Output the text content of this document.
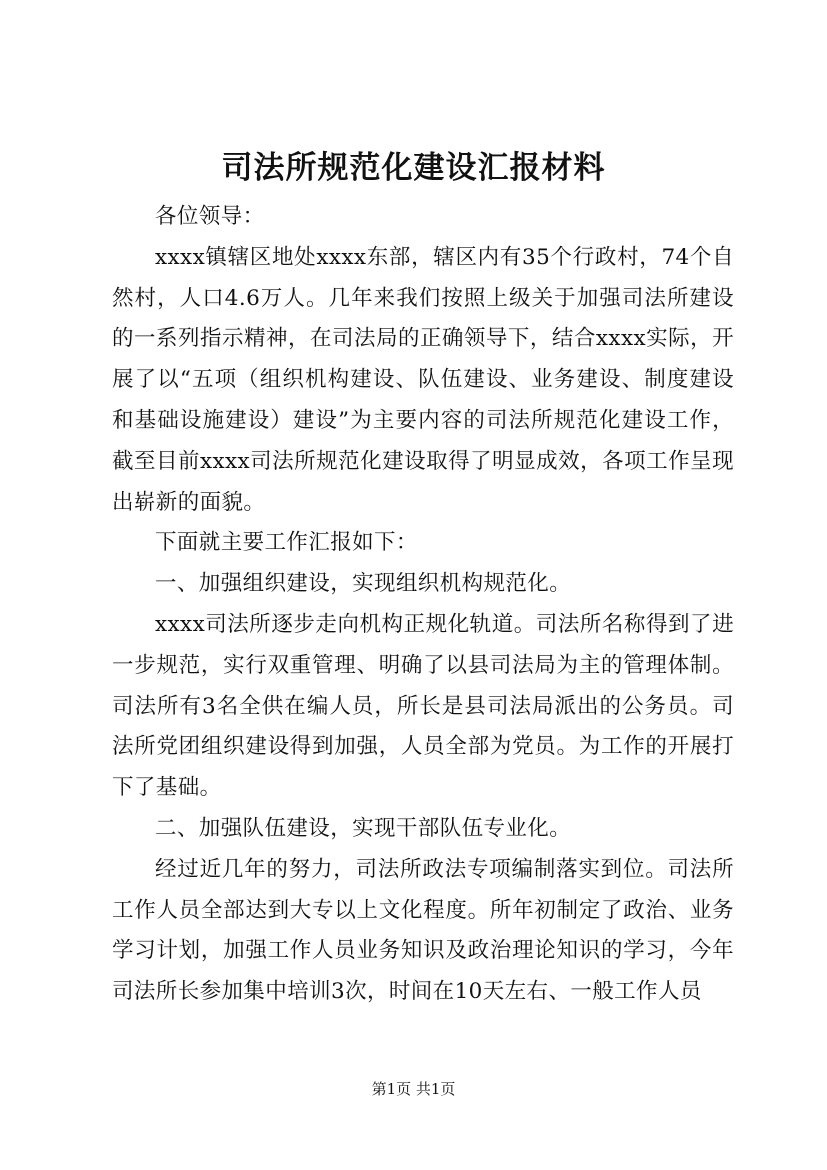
司法所规范化建设汇报材料

各位领导：

xxxx镇辖区地处xxxx东部，辖区内有35个行政村，74个自然村，人口4.6万人。几年来我们按照上级关于加强司法所建设的一系列指示精神，在司法局的正确领导下，结合xxxx实际，开展了以“五项（组织机构建设、队伍建设、业务建设、制度建设和基础设施建设）建设”为主要内容的司法所规范化建设工作，截至目前xxxx司法所规范化建设取得了明显成效，各项工作呈现出崭新的面貌。

下面就主要工作汇报如下：

一、加强组织建设，实现组织机构规范化。

xxxx司法所逐步走向机构正规化轨道。司法所名称得到了进一步规范，实行双重管理、明确了以县司法局为主的管理体制。司法所有3名全供在编人员，所长是县司法局派出的公务员。司法所党团组织建设得到加强，人员全部为党员。为工作的开展打下了基础。

二、加强队伍建设，实现干部队伍专业化。

经过近几年的努力，司法所政法专项编制落实到位。司法所工作人员全部达到大专以上文化程度。所年初制定了政治、业务学习计划，加强工作人员业务知识及政治理论知识的学习，今年司法所长参加集中培训3次，时间在10天左右、一般工作人员

第1页 共1页
